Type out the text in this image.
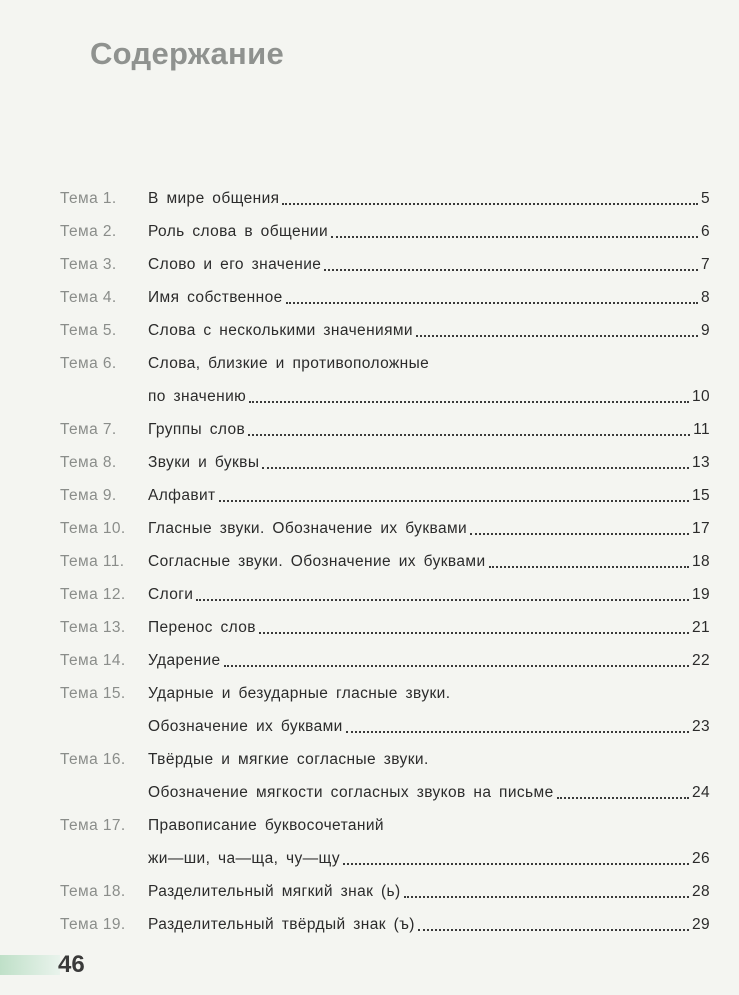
Содержание
Тема 1.	В мире общения	5
Тема 2.	Роль слова в общении	6
Тема 3.	Слово и его значение	7
Тема 4.	Имя собственное	8
Тема 5.	Слова с несколькими значениями	9
Тема 6.	Слова, близкие и противоположные
по значению	10
Тема 7.	Группы слов	11
Тема 8.	Звуки и буквы	13
Тема 9.	Алфавит	15
Тема 10.	Гласные звуки. Обозначение их буквами	17
Тема 11.	Согласные звуки. Обозначение их буквами	18
Тема 12.	Слоги	19
Тема 13.	Перенос слов	21
Тема 14.	Ударение	22
Тема 15.	Ударные и безударные гласные звуки.
Обозначение их буквами	23
Тема 16.	Твёрдые и мягкие согласные звуки.
Обозначение мягкости согласных звуков на письме	24
Тема 17.	Правописание буквосочетаний
жи—ши, ча—ща, чу—щу	26
Тема 18.	Разделительный мягкий знак (ь)	28
Тема 19.	Разделительный твёрдый знак (ъ)	29
46
